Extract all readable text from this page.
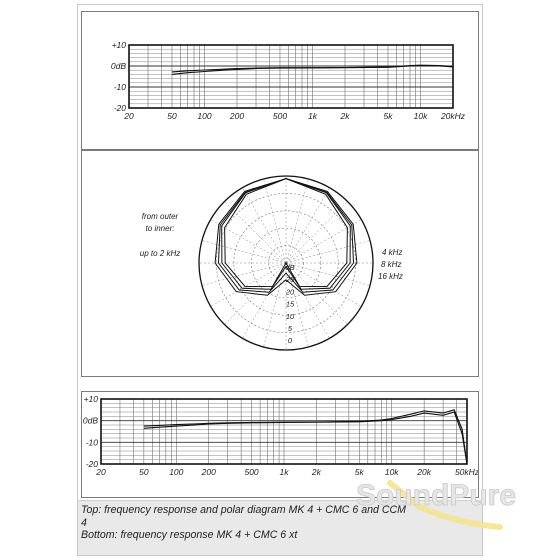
20	50 100 200	500 1k	2k	5k 10k 20kHz
+10
0dB
-10
-20
dB
25
20
15
10
5
0
from outer
to inner:
up to 2 kHz	4 kHz
8 kHz
16 kHz
20	50 100 200	500 1k	2k	5k 10k 20k	50kHz
+10
0dB
-10
-20
Top: frequency response and polar diagram MK 4 + CMC 6 and CCM
4
Bottom: frequency response MK 4 + CMC 6 xt
SoundPure
